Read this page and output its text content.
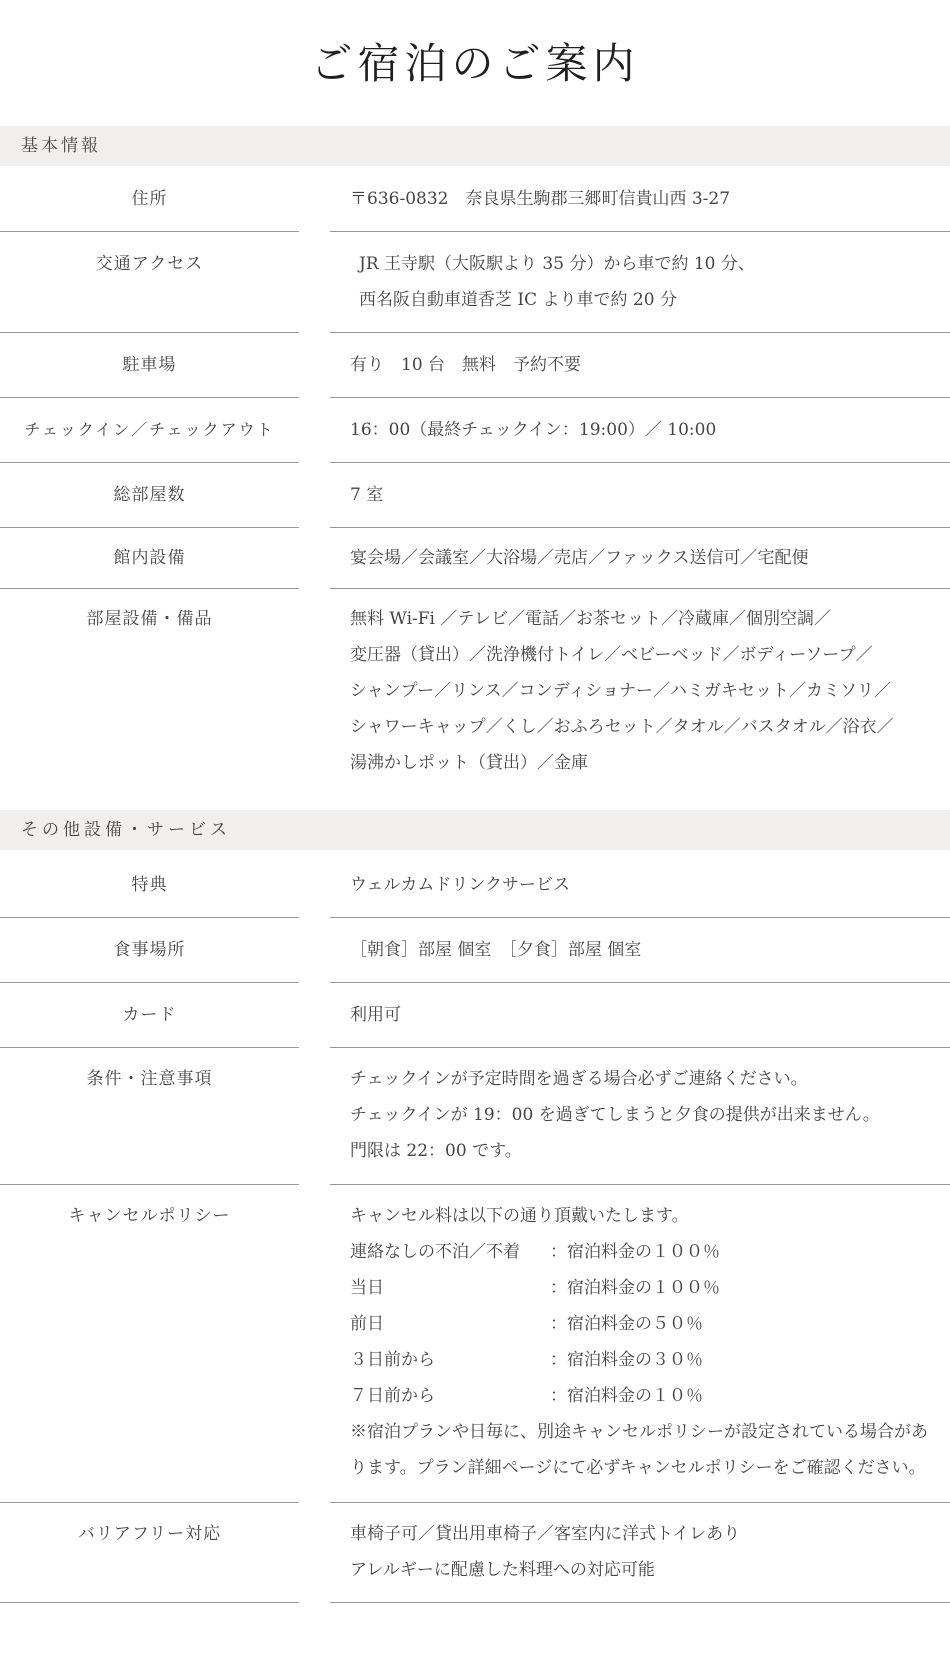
ご宿泊のご案内
基本情報
住所	〒636-0832　奈良県生駒郡三郷町信貴山西 3-27
交通アクセス	JR 王寺駅（大阪駅より 35 分）から車で約 10 分、
西名阪自動車道香芝 IC より車で約 20 分
駐車場	有り　10 台　無料　予約不要
チェックイン／チェックアウト	16：00（最終チェックイン：19:00）／ 10:00
総部屋数	7 室
館内設備	宴会場／会議室／大浴場／売店／ファックス送信可／宅配便
部屋設備・備品	無料 Wi-Fi ／テレビ／電話／お茶セット／冷蔵庫／個別空調／
変圧器（貸出）／洗浄機付トイレ／ベビーベッド／ボディーソープ／
シャンプー／リンス／コンディショナー／ハミガキセット／カミソリ／
シャワーキャップ／くし／おふろセット／タオル／バスタオル／浴衣／
湯沸かしポット（貸出）／金庫
その他設備・サービス
特典	ウェルカムドリンクサービス
食事場所	［朝食］部屋 個室　［夕食］部屋 個室
カード	利用可
条件・注意事項	チェックインが予定時間を過ぎる場合必ずご連絡ください。
チェックインが 19：00 を過ぎてしまうと夕食の提供が出来ません。
門限は 22：00 です。
キャンセルポリシー	キャンセル料は以下の通り頂戴いたします。
連絡なしの不泊／不着 ：宿泊料金の１００％
当日	：宿泊料金の１００％
前日	：宿泊料金の５０％
３日前から	：宿泊料金の３０％
７日前から	：宿泊料金の１０％
※宿泊プランや日毎に、別途キャンセルポリシーが設定されている場合があ
ります。プラン詳細ページにて必ずキャンセルポリシーをご確認ください。
バリアフリー対応	車椅子可／貸出用車椅子／客室内に洋式トイレあり
アレルギーに配慮した料理への対応可能
